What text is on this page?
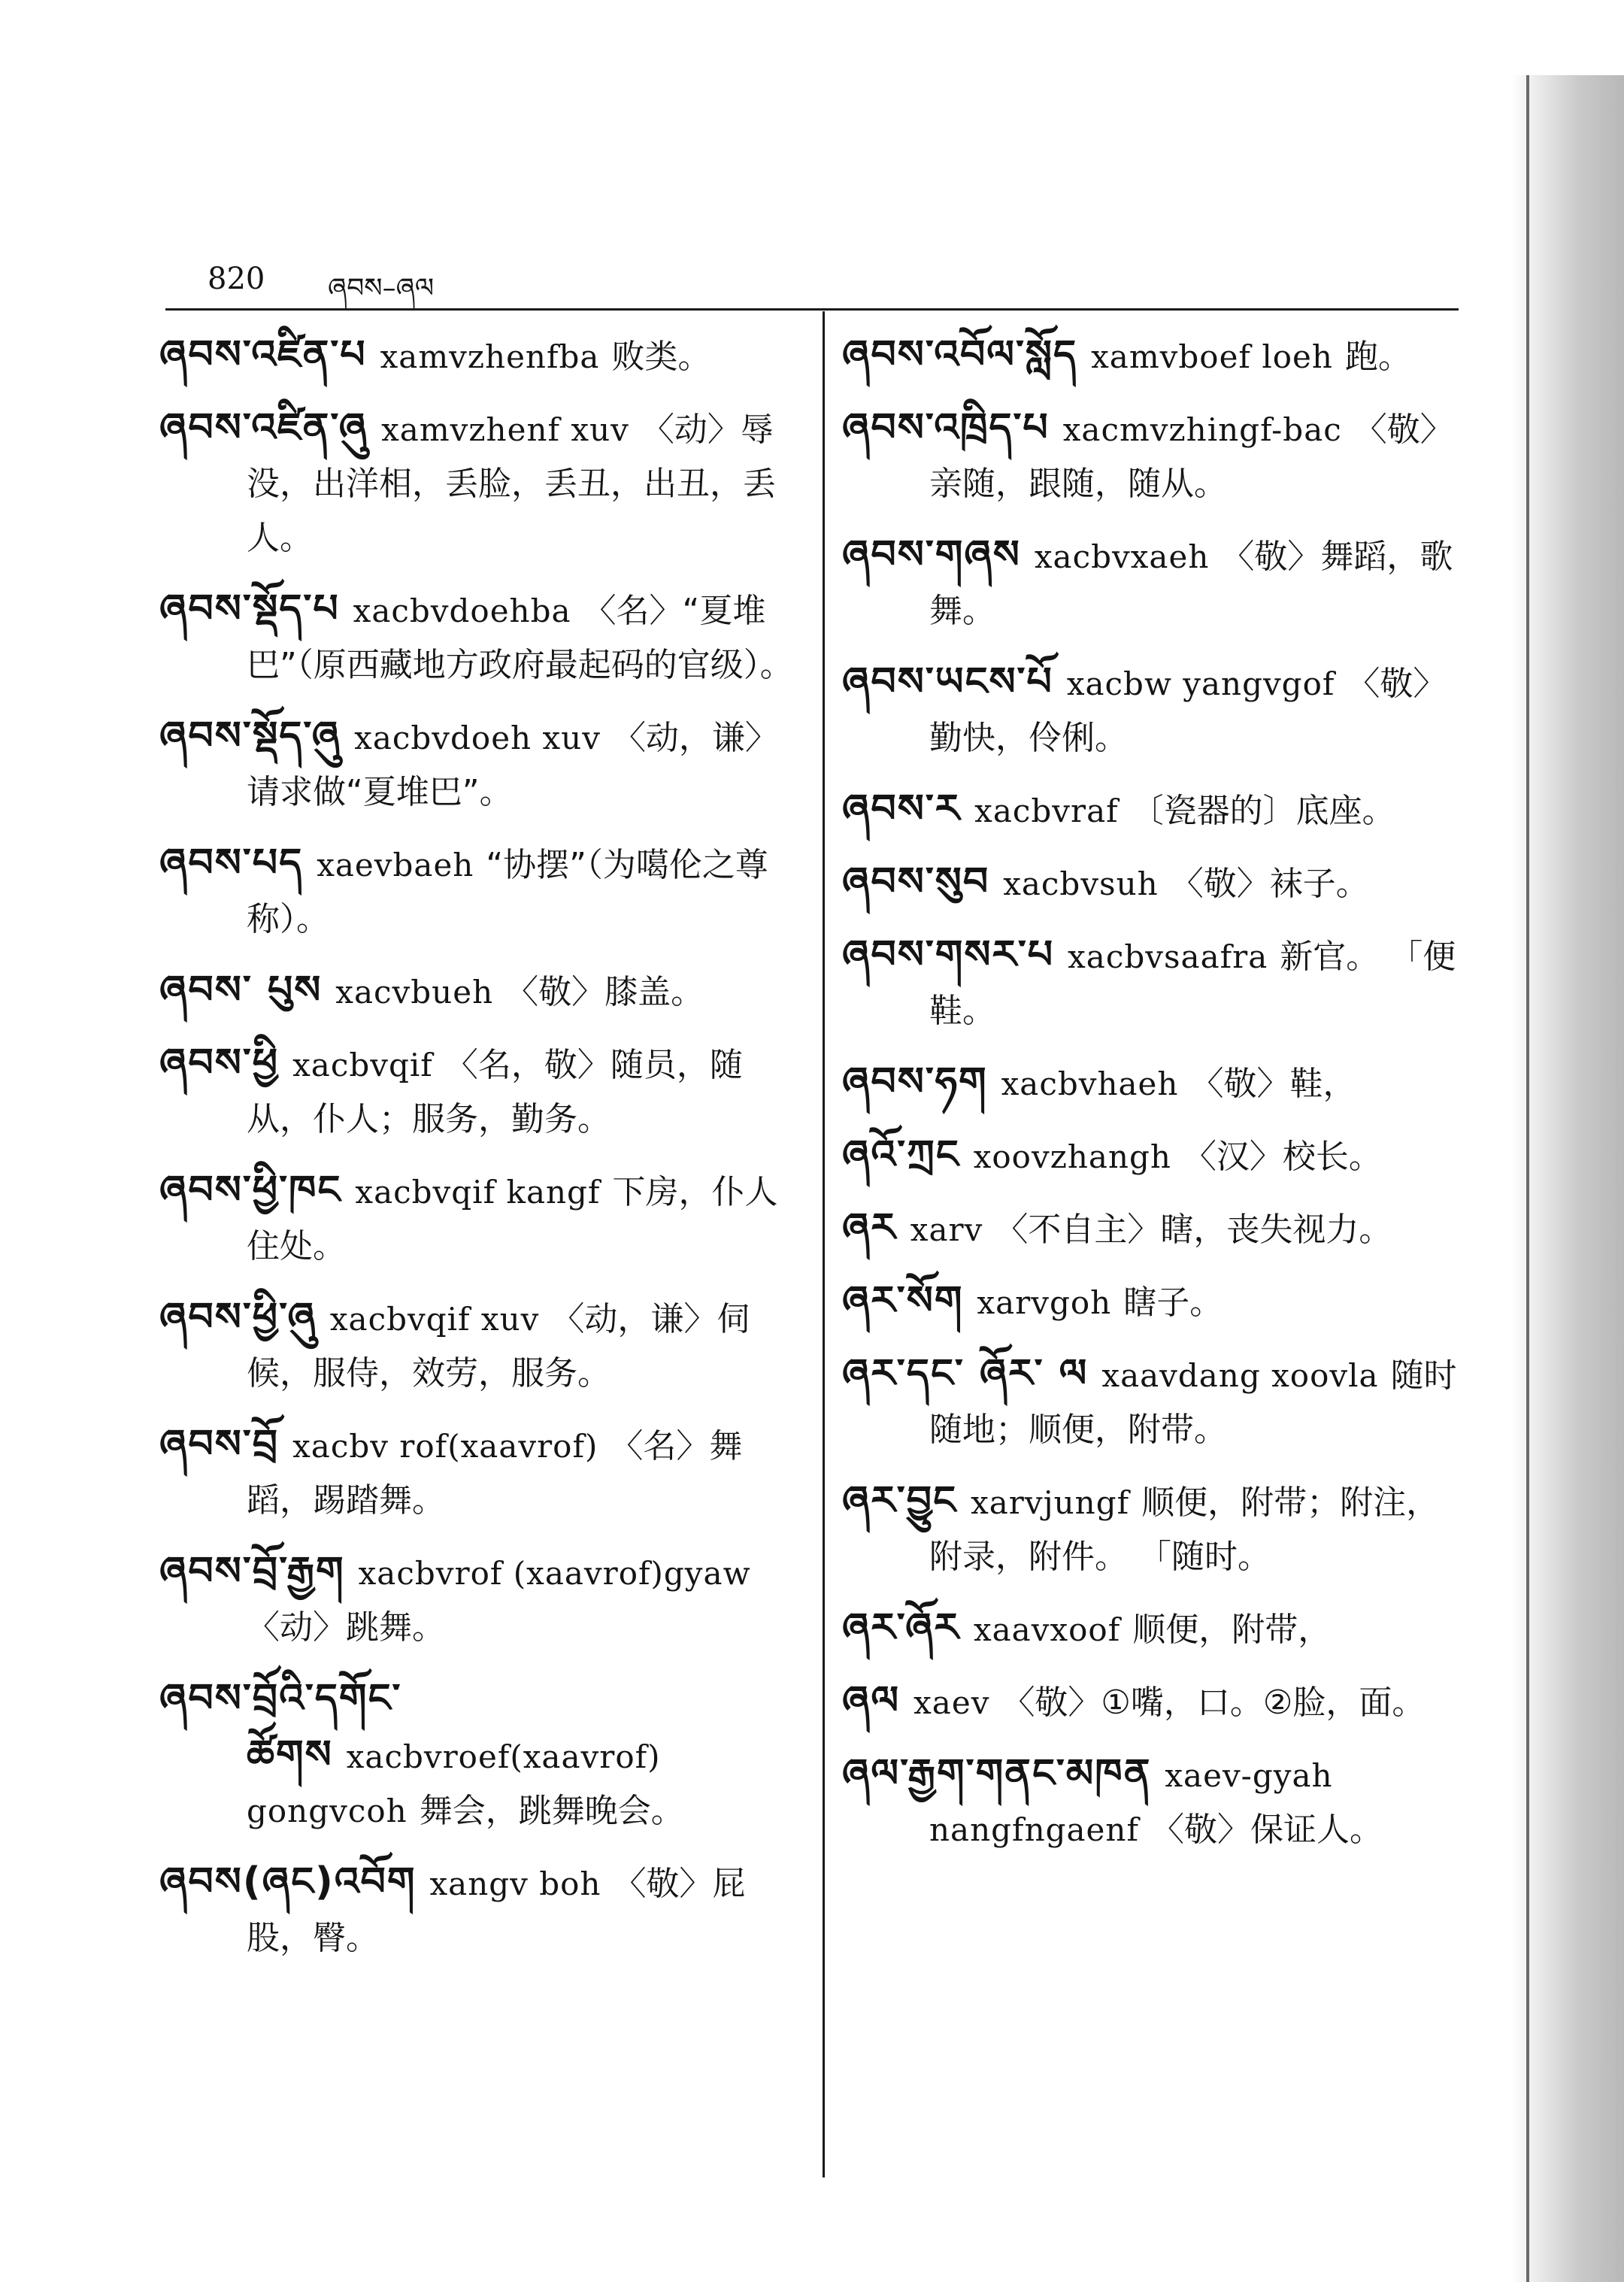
820 ཞབས–ཞལ

ཞབས་འཛིན་པ xamvzhenfba 败类。

ཞབས་འཛིན་ཞུ xamvzhenf xuv 〈动〉辱没，出洋相，丢脸，丢丑，出丑，丢人。

ཞབས་སྡོད་པ xacbvdoehba 〈名〉“夏堆巴”（原西藏地方政府最起码的官级）。

ཞབས་སྡོད་ཞུ xacbvdoeh xuv 〈动，谦〉请求做“夏堆巴”。

ཞབས་པད xaevbaeh “协摆”（为噶伦之尊称）。

ཞབས་ པུས xacvbueh 〈敬〉膝盖。

ཞབས་ཕྱི xacbvqif 〈名，敬〉随员，随从，仆人；服务，勤务。

ཞབས་ཕྱི་ཁང xacbvqif kangf 下房，仆人住处。

ཞབས་ཕྱི་ཞུ xacbvqif xuv 〈动，谦〉伺候，服侍，效劳，服务。

ཞབས་བྲོ xacbv rof(xaavrof) 〈名〉舞蹈，踢踏舞。

ཞབས་བྲོ་རྒྱག xacbvrof (xaavrof)gyaw〈动〉跳舞。

ཞབས་བྲོའི་དགོང་ཚོགས xacbvroef(xaavrof) gongvcoh 舞会，跳舞晚会。

ཞབས(ཞང)འབོག xangv boh 〈敬〉屁股，臀。

ཞབས་འབོལ་སློད xamvboef loeh 跑。

ཞབས་འཁྲིད་པ xacmvzhingf-bac 〈敬〉亲随，跟随，随从。

ཞབས་གཞས xacbvxaeh 〈敬〉舞蹈，歌舞。

ཞབས་ཡངས་པོ xacbw yangvgof 〈敬〉勤快，伶俐。

ཞབས་ར xacbvraf 〔瓷器的〕底座。

ཞབས་སུབ xacbvsuh 〈敬〉袜子。

ཞབས་གསར་པ xacbvsaafra 新官。 「便鞋。

ཞབས་ཧག xacbvhaeh 〈敬〉鞋，

ཞའོ་ཀྲང xoovzhangh 〈汉〉校长。

ཞར xarv 〈不自主〉瞎，丧失视力。

ཞར་སོག xarvgoh 瞎子。

ཞར་དང་ ཞོར་ ལ xaavdang xoovla 随时随地；顺便，附带。

ཞར་བྱུང xarvjungf 顺便，附带；附注，附录，附件。 「随时。

ཞར་ཞོར xaavxoof 顺便，附带，

ཞལ xaev 〈敬〉①嘴，口。②脸，面。

ཞལ་རྒྱག་གནང་མཁན xaev-gyah nangfngaenf 〈敬〉保证人。
